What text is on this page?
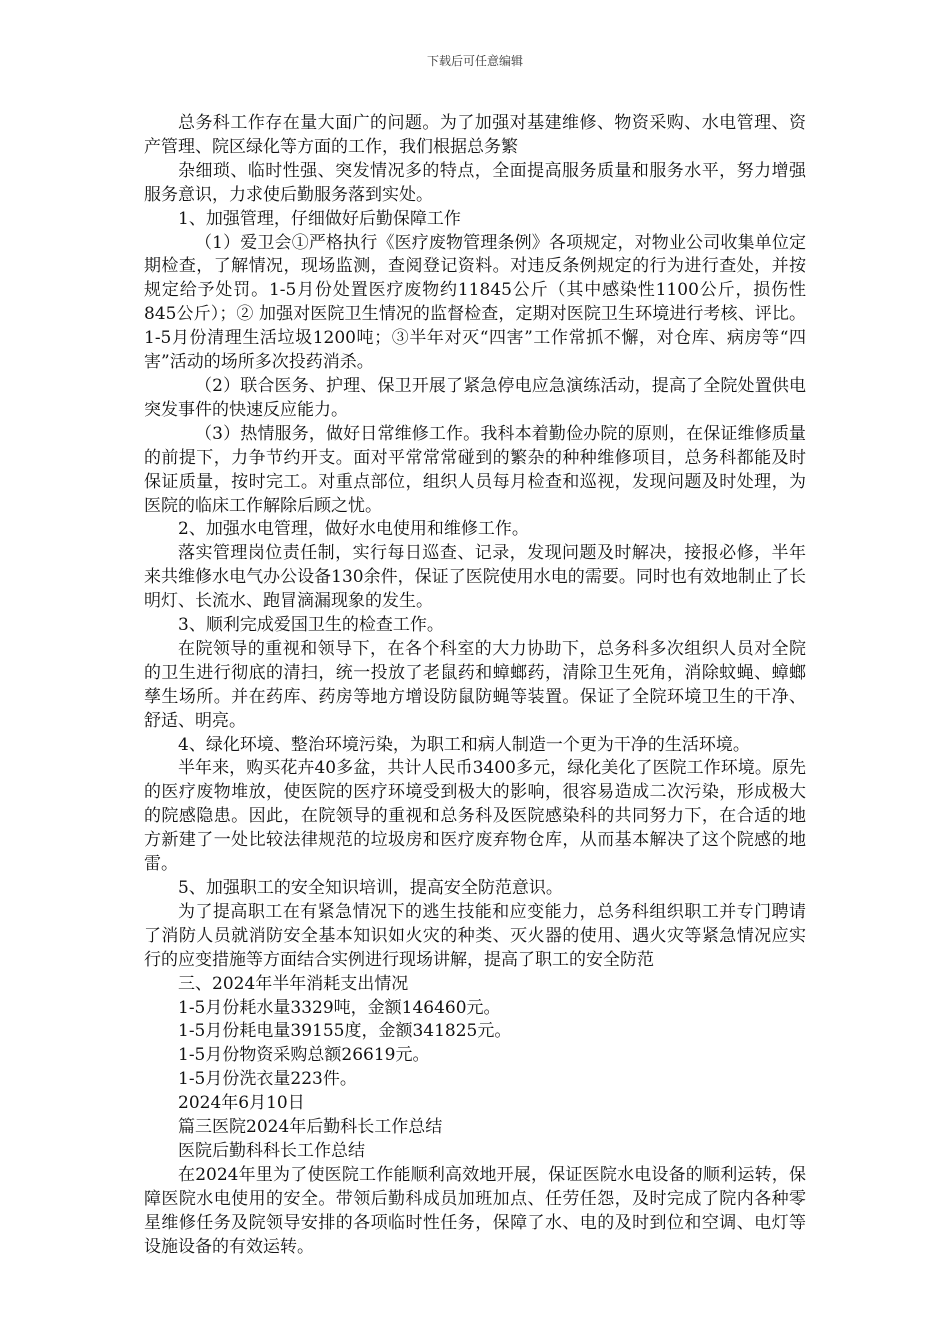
下载后可任意编辑

总务科工作存在量大面广的问题。为了加强对基建维修、物资采购、水电管理、资产管理、院区绿化等方面的工作，我们根据总务繁

杂细琐、临时性强、突发情况多的特点，全面提高服务质量和服务水平，努力增强服务意识，力求使后勤服务落到实处。

1、加强管理，仔细做好后勤保障工作

（1）爱卫会①严格执行《医疗废物管理条例》各项规定，对物业公司收集单位定期检查，了解情况，现场监测，查阅登记资料。对违反条例规定的行为进行查处，并按规定给予处罚。1-5月份处置医疗废物约11845公斤（其中感染性1100公斤，损伤性845公斤）；② 加强对医院卫生情况的监督检查，定期对医院卫生环境进行考核、评比。1-5月份清理生活垃圾1200吨；③半年对灭“四害”工作常抓不懈，对仓库、病房等“四害”活动的场所多次投药消杀。

（2）联合医务、护理、保卫开展了紧急停电应急演练活动，提高了全院处置供电突发事件的快速反应能力。

（3）热情服务，做好日常维修工作。我科本着勤俭办院的原则，在保证维修质量的前提下，力争节约开支。面对平常常常碰到的繁杂的种种维修项目，总务科都能及时保证质量，按时完工。对重点部位，组织人员每月检查和巡视，发现问题及时处理，为医院的临床工作解除后顾之忧。

2、加强水电管理，做好水电使用和维修工作。

落实管理岗位责任制，实行每日巡查、记录，发现问题及时解决，接报必修，半年来共维修水电气办公设备130余件，保证了医院使用水电的需要。同时也有效地制止了长明灯、长流水、跑冒滴漏现象的发生。

3、顺利完成爱国卫生的检查工作。

在院领导的重视和领导下，在各个科室的大力协助下，总务科多次组织人员对全院的卫生进行彻底的清扫，统一投放了老鼠药和蟑螂药，清除卫生死角，消除蚊蝇、蟑螂孳生场所。并在药库、药房等地方增设防鼠防蝇等装置。保证了全院环境卫生的干净、舒适、明亮。

4、绿化环境、整治环境污染，为职工和病人制造一个更为干净的生活环境。

半年来，购买花卉40多盆，共计人民币3400多元，绿化美化了医院工作环境。原先的医疗废物堆放，使医院的医疗环境受到极大的影响，很容易造成二次污染，形成极大的院感隐患。因此，在院领导的重视和总务科及医院感染科的共同努力下，在合适的地方新建了一处比较法律规范的垃圾房和医疗废弃物仓库，从而基本解决了这个院感的地雷。

5、加强职工的安全知识培训，提高安全防范意识。

为了提高职工在有紧急情况下的逃生技能和应变能力，总务科组织职工并专门聘请了消防人员就消防安全基本知识如火灾的种类、灭火器的使用、遇火灾等紧急情况应实行的应变措施等方面结合实例进行现场讲解，提高了职工的安全防范

三、2024年半年消耗支出情况

1-5月份耗水量3329吨，金额146460元。

1-5月份耗电量39155度，金额341825元。

1-5月份物资采购总额26619元。

1-5月份洗衣量223件。

2024年6月10日

篇三医院2024年后勤科长工作总结

医院后勤科科长工作总结

在2024年里为了使医院工作能顺利高效地开展，保证医院水电设备的顺利运转，保障医院水电使用的安全。带领后勤科成员加班加点、任劳任怨，及时完成了院内各种零星维修任务及院领导安排的各项临时性任务，保障了水、电的及时到位和空调、电灯等设施设备的有效运转。
